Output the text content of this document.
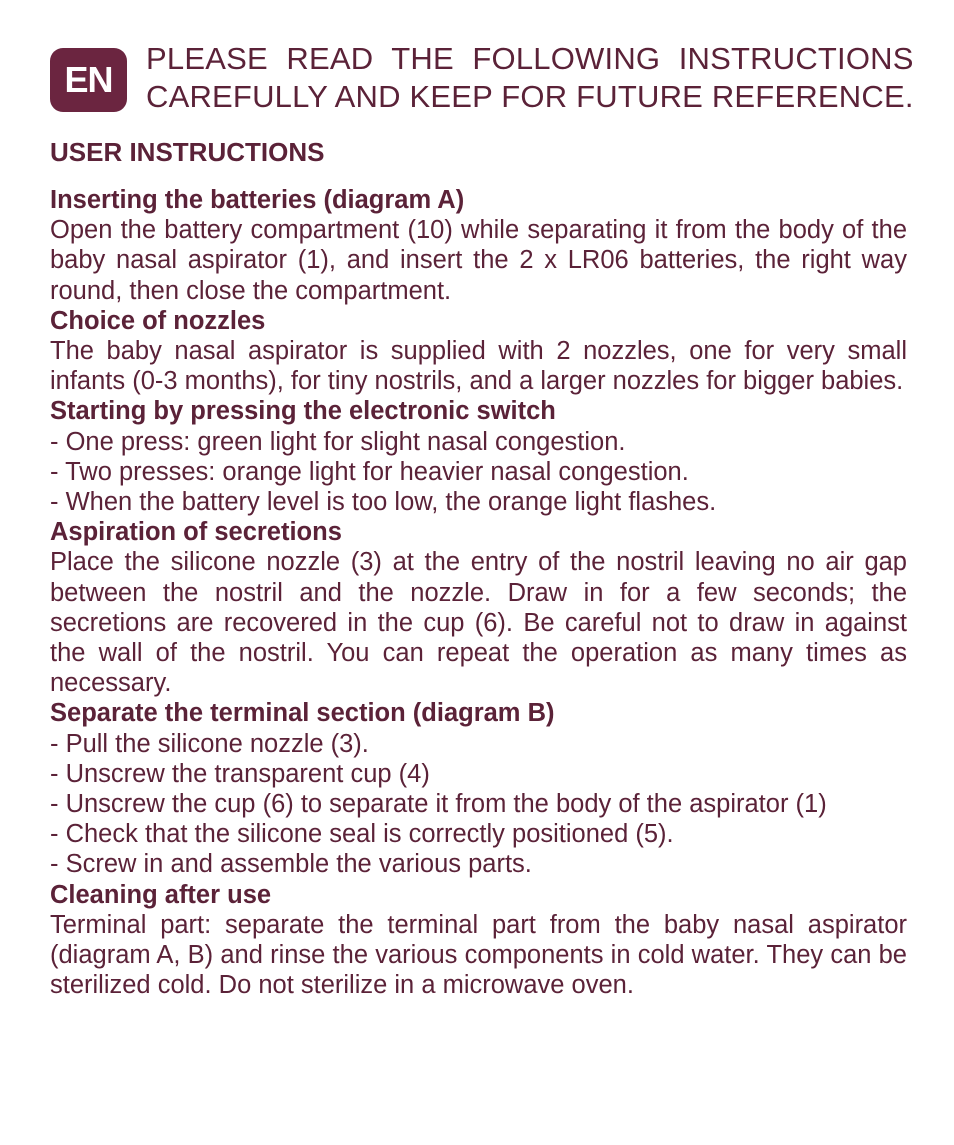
EN
PLEASE READ THE FOLLOWING INSTRUCTIONS
CAREFULLY AND KEEP FOR FUTURE REFERENCE.
USER INSTRUCTIONS
Inserting the batteries (diagram A)
Open the battery compartment (10) while separating it from the body of the baby nasal aspirator (1), and insert the 2 x LR06 batteries, the right way round, then close the compartment.
Choice of nozzles
The baby nasal aspirator is supplied with 2 nozzles, one for very small infants (0-3 months), for tiny nostrils, and a larger nozzles for bigger babies.
Starting by pressing the electronic switch
- One press: green light for slight nasal congestion.
- Two presses: orange light for heavier nasal congestion.
- When the battery level is too low, the orange light flashes.
Aspiration of secretions
Place the silicone nozzle (3) at the entry of the nostril leaving no air gap between the nostril and the nozzle. Draw in for a few seconds; the secretions are recovered in the cup (6). Be careful not to draw in against the wall of the nostril. You can repeat the operation as many times as necessary.
Separate the terminal section (diagram B)
- Pull the silicone nozzle (3).
- Unscrew the transparent cup (4)
- Unscrew the cup (6) to separate it from the body of the aspirator (1)
- Check that the silicone seal is correctly positioned (5).
- Screw in and assemble the various parts.
Cleaning after use
Terminal part: separate the terminal part from the baby nasal aspirator (diagram A, B) and rinse the various components in cold water. They can be sterilized cold. Do not sterilize in a microwave oven.
